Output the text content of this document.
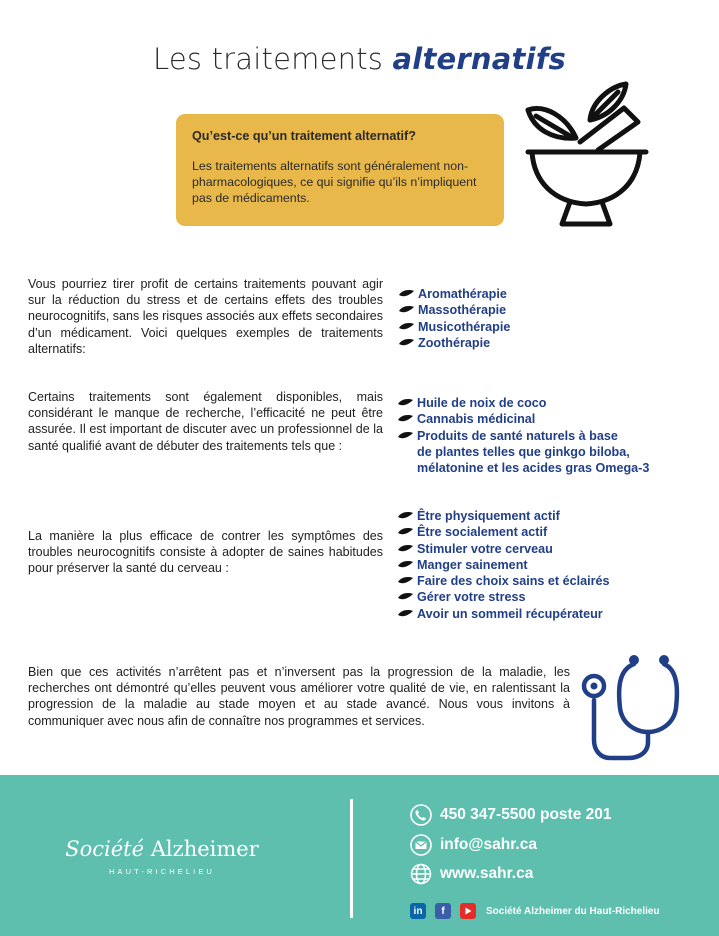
Les traitements alternatifs
Qu’est-ce qu’un traitement alternatif?

Les traitements alternatifs sont généralement non-pharmacologiques, ce qui signifie qu’ils n’impliquent pas de médicaments.

Vous pourriez tirer profit de certains traitements pouvant agir sur la réduction du stress et de certains effets des troubles neurocognitifs, sans les risques associés aux effets secondaires d’un médicament. Voici quelques exemples de traitements alternatifs:

Aromathérapie
Massothérapie
Musicothérapie
Zoothérapie

Certains traitements sont également disponibles, mais considérant le manque de recherche, l’efficacité ne peut être assurée. Il est important de discuter avec un professionnel de la santé qualifié avant de débuter des traitements tels que :

Huile de noix de coco
Cannabis médicinal
Produits de santé naturels à base
de plantes telles que ginkgo biloba,
mélatonine et les acides gras Omega-3

La manière la plus efficace de contrer les symptômes des troubles neurocognitifs consiste à adopter de saines habitudes pour préserver la santé du cerveau :

Être physiquement actif
Être socialement actif
Stimuler votre cerveau
Manger sainement
Faire des choix sains et éclairés
Gérer votre stress
Avoir un sommeil récupérateur

Bien que ces activités n’arrêtent pas et n’inversent pas la progression de la maladie, les recherches ont démontré qu’elles peuvent vous améliorer votre qualité de vie, en ralentissant la progression de la maladie au stade moyen et au stade avancé. Nous vous invitons à communiquer avec nous afin de connaître nos programmes et services.

Société Alzheimer
HAUT-RICHELIEU
450 347-5500 poste 201
info@sahr.ca
www.sahr.ca
in	f	Société Alzheimer du Haut-Richelieu
